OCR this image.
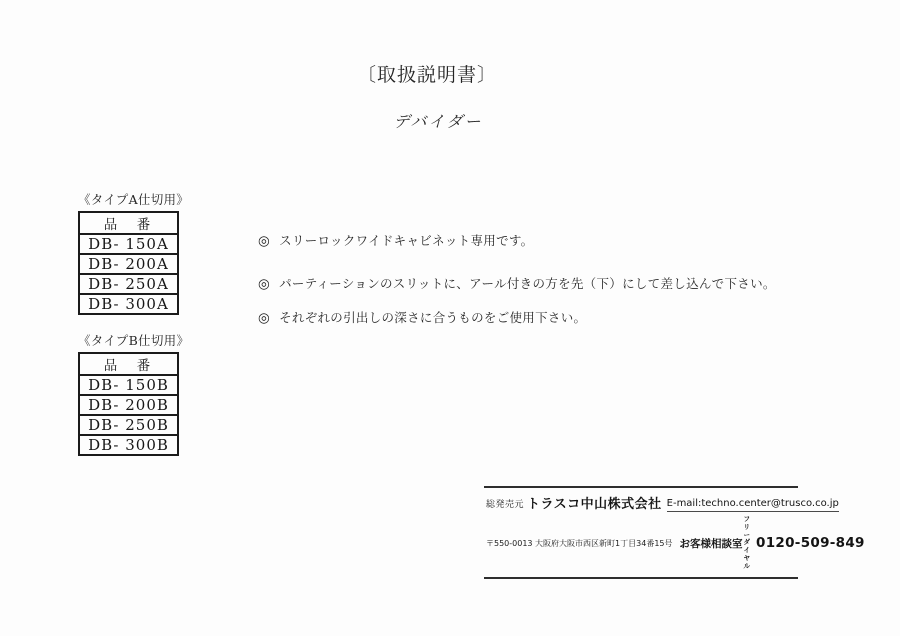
〔取扱説明書〕
デバイダー
《タイプA仕切用》
品　番
DB- 150A
DB- 200A
DB- 250A
DB- 300A
《タイプB仕切用》
品　番
DB- 150B
DB- 200B
DB- 250B
DB- 300B
◎ スリーロックワイドキャビネット専用です。
◎ パーティーションのスリットに、アール付きの方を先（下）にして差し込んで下さい。
◎ それぞれの引出しの深さに合うものをご使用下さい。
総発売元 トラスコ中山株式会社 E-mail:techno.center@trusco.co.jp
〒550-0013 大阪府大阪市西区新町1丁目34番15号 お客様相談室
フリー
ダイヤル
0120-509-849
